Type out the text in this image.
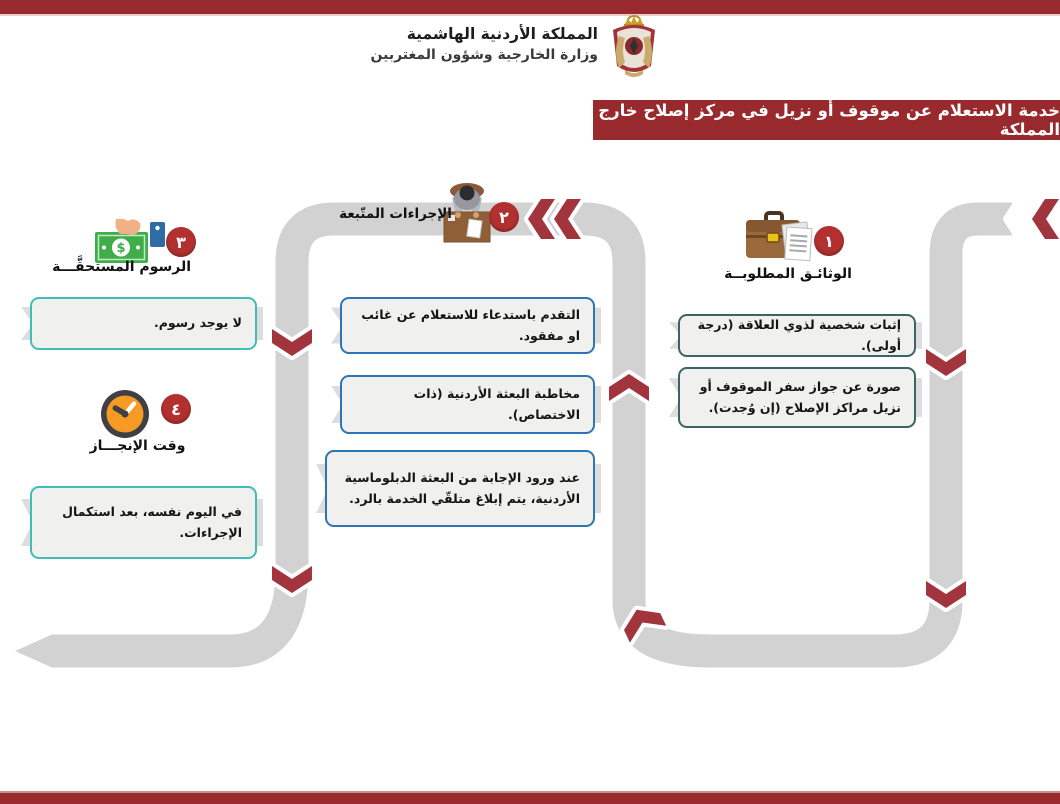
المملكة الأردنية الهاشمية
وزارة الخارجية وشؤون المغتربين
خدمة الاستعلام عن موقوف أو نزيل في مركز إصلاح خارج المملكة
١
الوثائـق المطلوبــة
إثبات شخصية لذوي العلاقة (درجة أولى).
صورة عن جواز سفر الموقوف أو نزيل مراكز الإصلاح (إن وُجدت).
٢
الإجراءات المتّبعة
التقدم باستدعاء للاستعلام عن غائب او مفقود.
مخاطبة البعثة الأردنية (ذات الاختصاص).
عند ورود الإجابة من البعثة الدبلوماسية الأردنية، يتم إبلاغ متلقّي الخدمة بالرد.
$	٣
الرسوم المستحقَّـــة
لا يوجد رسوم.
٤
وقت الإنجـــاز
في اليوم نفسه، بعد استكمال الإجراءات.
